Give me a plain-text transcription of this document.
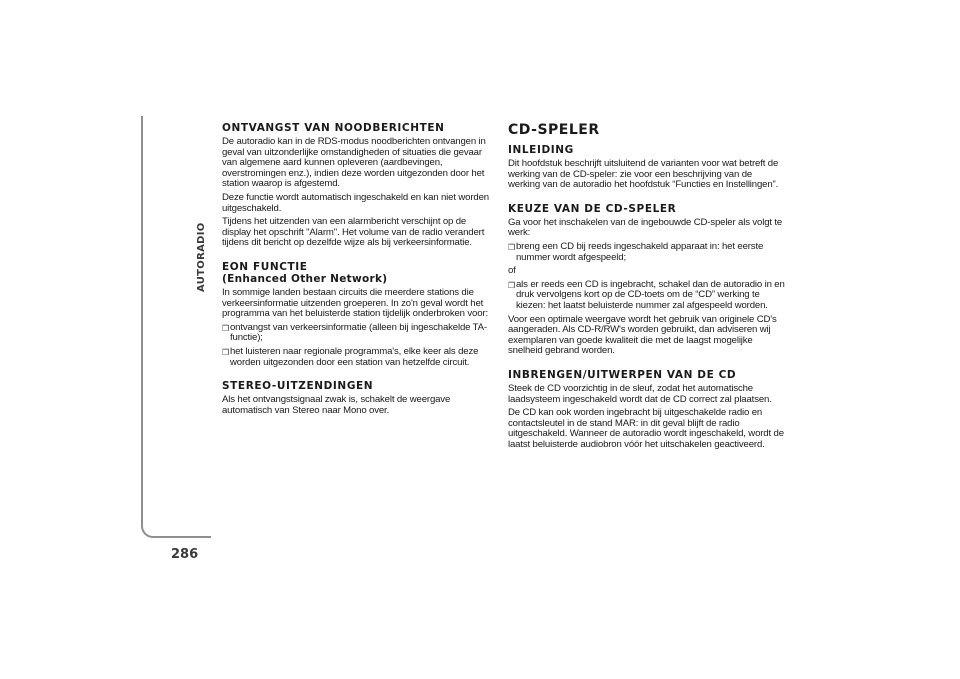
AUTORADIO
286
ONTVANGST VAN NOODBERICHTEN

De autoradio kan in de RDS-modus noodberichten ontvangen in geval van uitzonderlijke omstandigheden of situaties die gevaar van algemene aard kunnen opleveren (aardbevingen, overstromingen enz.), indien deze worden uitgezonden door het station waarop is afgestemd.

Deze functie wordt automatisch ingeschakeld en kan niet worden uitgeschakeld.

Tijdens het uitzenden van een alarmbericht verschijnt op de display het opschrift "Alarm". Het volume van de radio verandert tijdens dit bericht op dezelfde wijze als bij verkeersinformatie.

EON FUNCTIE
(Enhanced Other Network)

In sommige landen bestaan circuits die meerdere stations die verkeersinformatie uitzenden groeperen. In zo'n geval wordt het programma van het beluisterde station tijdelijk onderbroken voor:

❒ ontvangst van verkeersinformatie (alleen bij ingeschakelde TA-functie);
❒ het luisteren naar regionale programma's, elke keer als deze worden uitgezonden door een station van hetzelfde circuit.
STEREO-UITZENDINGEN

Als het ontvangstsignaal zwak is, schakelt de weergave automatisch van Stereo naar Mono over.

CD-SPELER
INLEIDING

Dit hoofdstuk beschrijft uitsluitend de varianten voor wat betreft de werking van de CD-speler: zie voor een beschrijving van de werking van de autoradio het hoofdstuk “Functies en Instellingen”.

KEUZE VAN DE CD-SPELER

Ga voor het inschakelen van de ingebouwde CD-speler als volgt te werk:

❒ breng een CD bij reeds ingeschakeld apparaat in: het eerste nummer wordt afgespeeld;

of

❒ als er reeds een CD is ingebracht, schakel dan de autoradio in en druk vervolgens kort op de CD-toets om de “CD” werking te kiezen: het laatst beluisterde nummer zal afgespeeld worden.

Voor een optimale weergave wordt het gebruik van originele CD's aangeraden. Als CD-R/RW's worden gebruikt, dan adviseren wij exemplaren van goede kwaliteit die met de laagst mogelijke snelheid gebrand worden.

INBRENGEN/UITWERPEN VAN DE CD

Steek de CD voorzichtig in de sleuf, zodat het automatische laadsysteem ingeschakeld wordt dat de CD correct zal plaatsen.

De CD kan ook worden ingebracht bij uitgeschakelde radio en contactsleutel in de stand MAR: in dit geval blijft de radio uitgeschakeld. Wanneer de autoradio wordt ingeschakeld, wordt de laatst beluisterde audiobron vóór het uitschakelen geactiveerd.
